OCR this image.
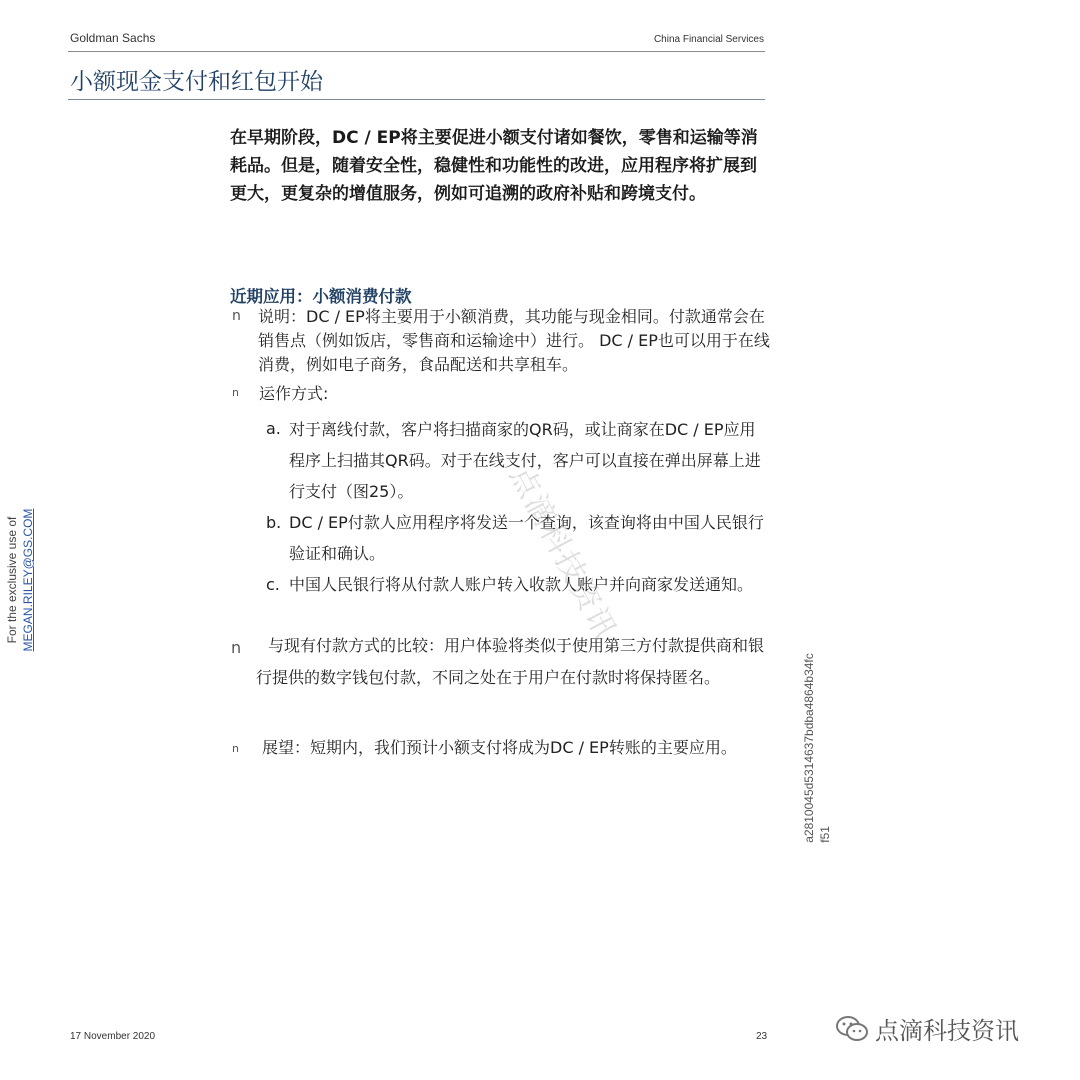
Goldman Sachs	China Financial Services
小额现金支付和红包开始
在早期阶段，DC / EP将主要促进小额支付诸如餐饮，零售和运输等消耗品。但是，随着安全性，稳健性和功能性的改进，应用程序将扩展到更大，更复杂的增值服务，例如可追溯的政府补贴和跨境支付。
近期应用：小额消费付款
n 说明：DC / EP将主要用于小额消费，其功能与现金相同。付款通常会在销售点（例如饭店，零售商和运输途中）进行。 DC / EP也可以用于在线消费，例如电子商务，食品配送和共享租车。
n 运作方式:
a. 对于离线付款，客户将扫描商家的QR码，或让商家在DC / EP应用程序上扫描其QR码。对于在线支付，客户可以直接在弹出屏幕上进行支付（图25）。
b. DC / EP付款人应用程序将发送一个查询，该查询将由中国人民银行验证和确认。
c. 中国人民银行将从付款人账户转入收款人账户并向商家发送通知。
n	与现有付款方式的比较：用户体验将类似于使用第三方付款提供商和银行提供的数字钱包付款，不同之处在于用户在付款时将保持匿名。
n	展望：短期内，我们预计小额支付将成为DC / EP转账的主要应用。
For the exclusive use of MEGAN.RILEY@GS.COM
a2810045d5314637bdba4864b34fc f51
点滴科技资讯
17 November 2020	23	点滴科技资讯
